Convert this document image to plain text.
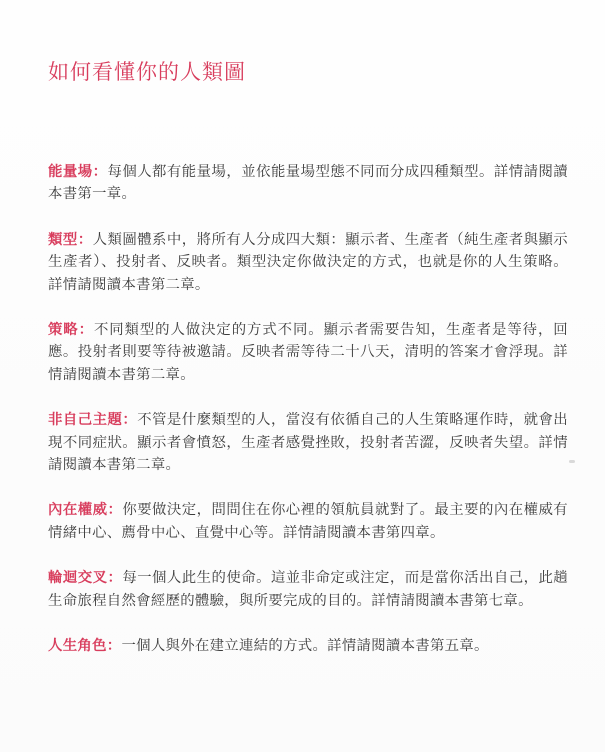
如何看懂你的人類圖

能量場：每個人都有能量場，並依能量場型態不同而分成四種類型。詳情請閱讀本書第一章。

類型：人類圖體系中，將所有人分成四大類：顯示者、生產者（純生產者與顯示生產者）、投射者、反映者。類型決定你做決定的方式，也就是你的人生策略。詳情請閱讀本書第二章。

策略：不同類型的人做決定的方式不同。顯示者需要告知，生產者是等待，回應。投射者則要等待被邀請。反映者需等待二十八天，清明的答案才會浮現。詳情請閱讀本書第二章。

非自己主題：不管是什麼類型的人，當沒有依循自己的人生策略運作時，就會出現不同症狀。顯示者會憤怒，生產者感覺挫敗，投射者苦澀，反映者失望。詳情請閱讀本書第二章。

內在權威：你要做決定，問問住在你心裡的領航員就對了。最主要的內在權威有情緒中心、薦骨中心、直覺中心等。詳情請閱讀本書第四章。

輪迴交叉：每一個人此生的使命。這並非命定或注定，而是當你活出自己，此趟生命旅程自然會經歷的體驗，與所要完成的目的。詳情請閱讀本書第七章。

人生角色：一個人與外在建立連結的方式。詳情請閱讀本書第五章。
